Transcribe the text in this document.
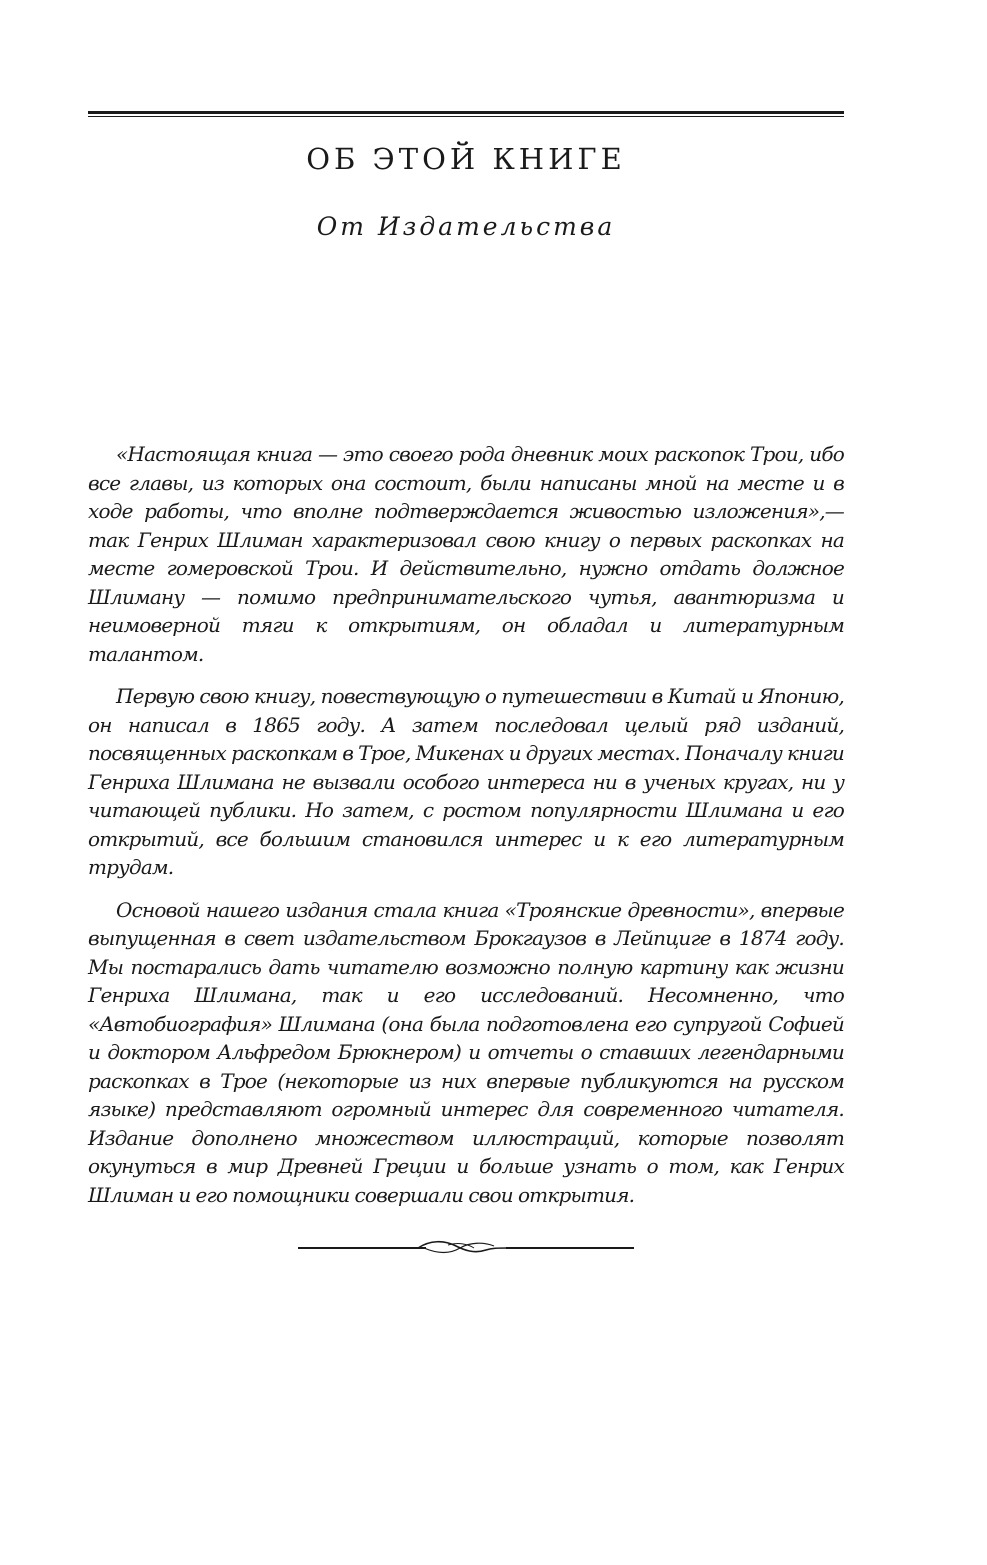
ОБ ЭТОЙ КНИГЕ
От Издательства

«Настоящая книга — это своего рода дневник моих раскопок Трои, ибо все главы, из которых она состоит, были написаны мной на месте и в ходе работы, что вполне подтверждается живостью изложения»,— так Генрих Шлиман характеризовал свою книгу о первых раскопках на месте гомеровской Трои. И действительно, нужно отдать должное Шлиману — помимо предпринимательского чутья, авантюризма и неимоверной тяги к открытиям, он обладал и литературным талантом.

Первую свою книгу, повествующую о путешествии в Китай и Японию, он написал в 1865 году. А затем последовал целый ряд изданий, посвященных раскопкам в Трое, Микенах и других местах. Поначалу книги Генриха Шлимана не вызвали особого интереса ни в ученых кругах, ни у читающей публики. Но затем, с ростом популярности Шлимана и его открытий, все большим становился интерес и к его литературным трудам.

Основой нашего издания стала книга «Троянские древности», впервые выпущенная в свет издательством Брокгаузов в Лейпциге в 1874 году. Мы постарались дать читателю возможно полную картину как жизни Генриха Шлимана, так и его исследований. Несомненно, что «Автобиография» Шлимана (она была подготовлена его супругой Софией и доктором Альфредом Брюкнером) и отчеты о ставших легендарными раскопках в Трое (некоторые из них впервые публикуются на русском языке) представляют огромный интерес для современного читателя. Издание дополнено множеством иллюстраций, которые позволят окунуться в мир Древней Греции и больше узнать о том, как Генрих Шлиман и его помощники совершали свои открытия.
